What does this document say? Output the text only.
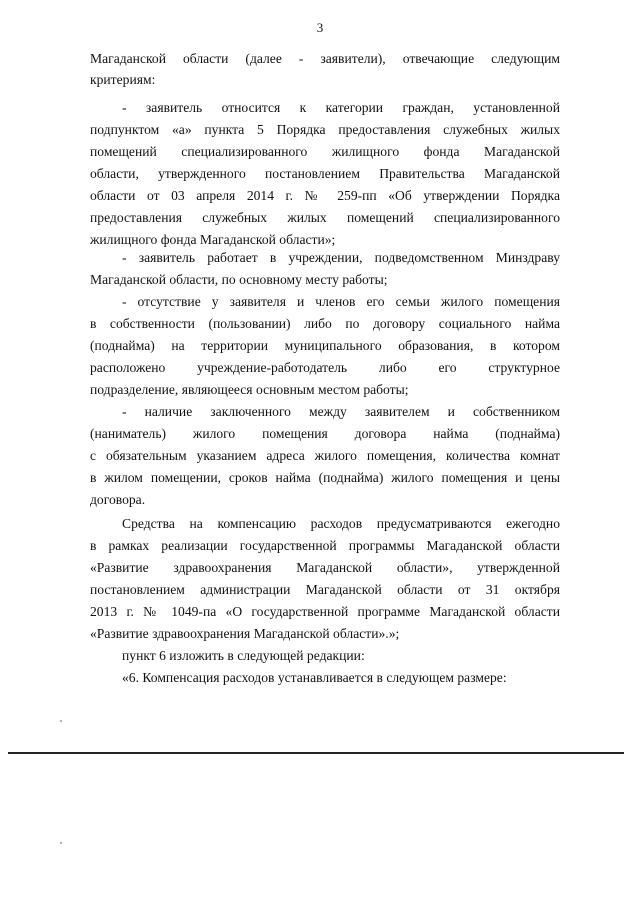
3
Магаданской области (далее - заявители), отвечающие следующим
критериям:
- заявитель относится к категории граждан, установленной
подпунктом «а» пункта 5 Порядка предоставления служебных жилых
помещений специализированного жилищного фонда Магаданской
области, утвержденного постановлением Правительства Магаданской
области от 03 апреля 2014 г. № 259-пп «Об утверждении Порядка
предоставления служебных жилых помещений специализированного
жилищного фонда Магаданской области»;
- заявитель работает в учреждении, подведомственном Минздраву
Магаданской области, по основному месту работы;
- отсутствие у заявителя и членов его семьи жилого помещения
в собственности (пользовании) либо по договору социального найма
(поднайма) на территории муниципального образования, в котором
расположено учреждение-работодатель либо его структурное
подразделение, являющееся основным местом работы;
- наличие заключенного между заявителем и собственником
(наниматель) жилого помещения договора найма (поднайма)
с обязательным указанием адреса жилого помещения, количества комнат
в жилом помещении, сроков найма (поднайма) жилого помещения и цены
договора.
Средства на компенсацию расходов предусматриваются ежегодно
в рамках реализации государственной программы Магаданской области
«Развитие здравоохранения Магаданской области», утвержденной
постановлением администрации Магаданской области от 31 октября
2013 г. № 1049-па «О государственной программе Магаданской области
«Развитие здравоохранения Магаданской области».»;
пункт 6 изложить в следующей редакции:
«6. Компенсация расходов устанавливается в следующем размере:
